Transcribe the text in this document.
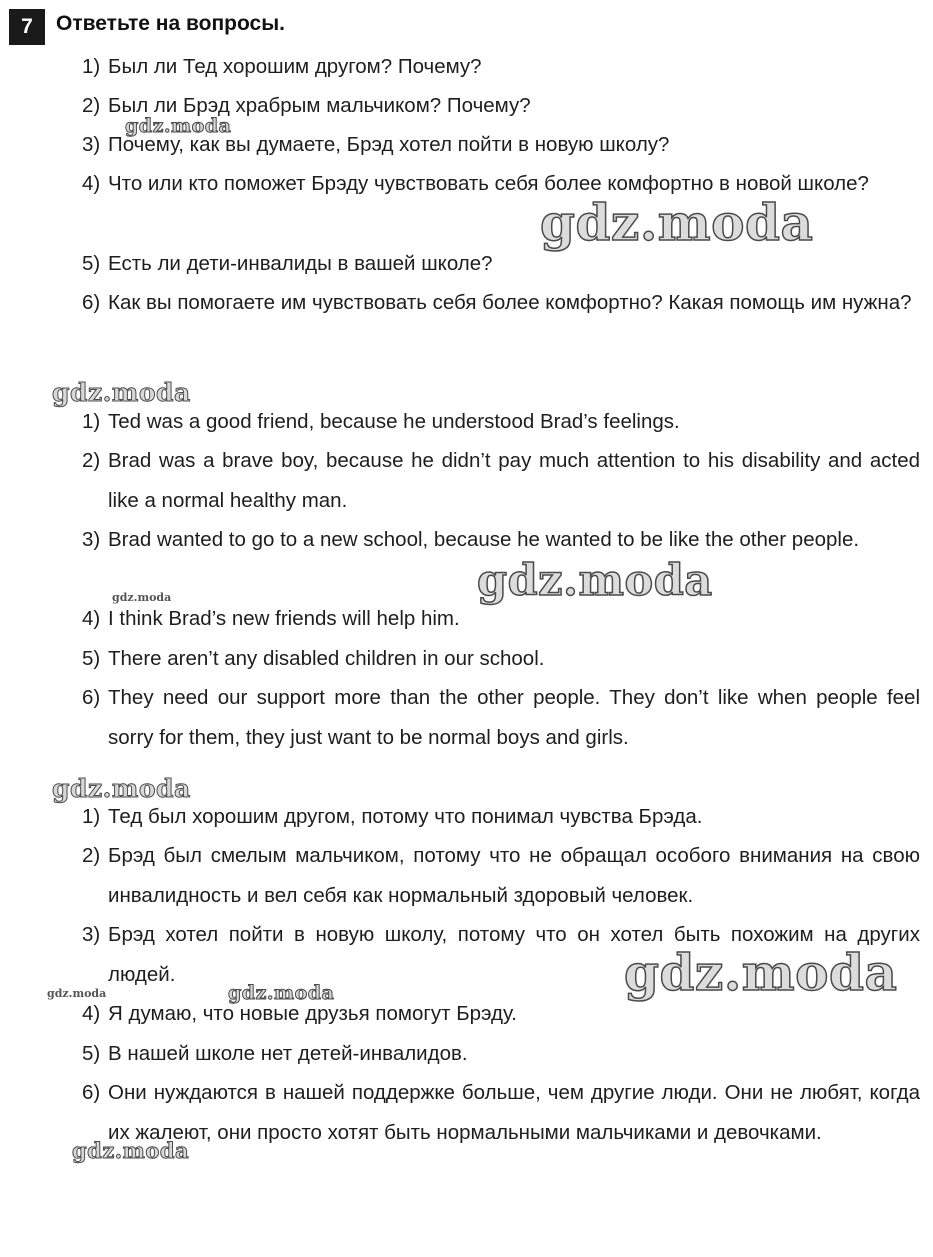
7	Ответьте на вопросы.
1) Был ли Тед хорошим другом? Почему?
2) Был ли Брэд храбрым мальчиком? Почему?
3) Почему, как вы думаете, Брэд хотел пойти в новую школу?
4) Что или кто поможет Брэду чувствовать себя более комфортно в новой школе?
5) Есть ли дети-инвалиды в вашей школе?
6) Как вы помогаете им чувствовать себя более комфортно? Какая помощь им нужна?
1) Ted was a good friend, because he understood Brad’s feelings.
2) Brad was a brave boy, because he didn’t pay much attention to his disability and acted like a normal healthy man.
3) Brad wanted to go to a new school, because he wanted to be like the other people.
4) I think Brad’s new friends will help him.
5) There aren’t any disabled children in our school.
6) They need our support more than the other people. They don’t like when people feel sorry for them, they just want to be normal boys and girls.
1) Тед был хорошим другом, потому что понимал чувства Брэда.
2) Брэд был смелым мальчиком, потому что не обращал особого внимания на свою инвалидность и вел себя как нормальный здоровый человек.
3) Брэд хотел пойти в новую школу, потому что он хотел быть похожим на других людей.
4) Я думаю, что новые друзья помогут Брэду.
5) В нашей школе нет детей-инвалидов.
6) Они нуждаются в нашей поддержке больше, чем другие люди. Они не любят, когда их жалеют, они просто хотят быть нормальными мальчиками и девочками.
gdz.moda
gdz.moda
gdz.moda
gdz.moda
gdz.moda
gdz.moda
gdz.moda
gdz.moda	gdz.moda
gdz.moda
